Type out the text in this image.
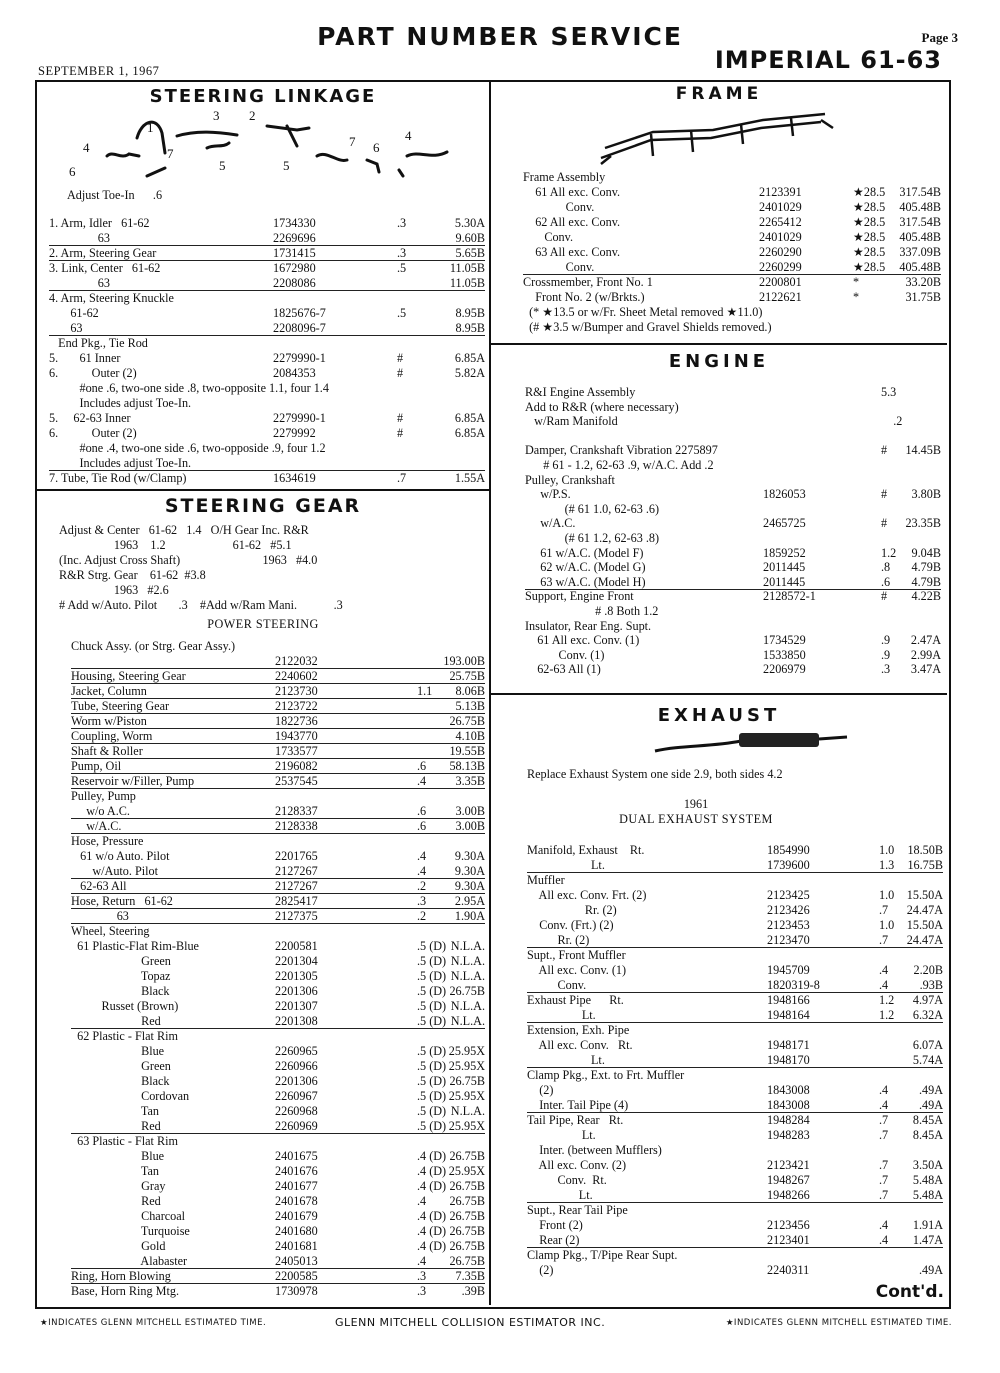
PART NUMBER SERVICE
SEPTEMBER 1, 1967
Page 3
IMPERIAL 61-63
STEERING LINKAGE
1
2
3
4
5
6
7
5
7 6
4
Adjust Toe-In      .6
1. Arm, Idler   61-62	1734330	.3	5.30A
63	2269696	9.60B
2. Arm, Steering Gear	1731415	.3	5.65B
3. Link, Center   61-62	1672980	.5	11.05B
63	2208086	11.05B
4. Arm, Steering Knuckle
61-62	1825676-7	.5	8.95B
63	2208096-7	8.95B
End Pkg., Tie Rod
5.       61 Inner	2279990-1	#	6.85A
6.           Outer (2)	2084353	#	5.82A
#one .6, two-one side .8, two-opposite 1.1, four 1.4
Includes adjust Toe-In.
5.     62-63 Inner	2279990-1	#	6.85A
6.           Outer (2)	2279992	#	6.85A
#one .4, two-one side .6, two-opposide .9, four 1.2
Includes adjust Toe-In.
7. Tube, Tie Rod (w/Clamp)	1634619	.7	1.55A
STEERING GEAR
Adjust & Center   61-62   1.4   O/H Gear Inc. R&R
1963    1.2                      61-62   #5.1
(Inc. Adjust Cross Shaft)                           1963   #4.0
R&R Strg. Gear    61-62  #3.8
1963   #2.6
# Add w/Auto. Pilot       .3    #Add w/Ram Mani.            .3
POWER STEERING
Chuck Assy. (or Strg. Gear Assy.)
2122032	193.00B
Housing, Steering Gear	2240602	25.75B
Jacket, Column	2123730	1.1 8.06B
Tube, Steering Gear	2123722	5.13B
Worm w/Piston	1822736	26.75B
Coupling, Worm	1943770	4.10B
Shaft & Roller	1733577	19.55B
Pump, Oil	2196082	.6 58.13B
Reservoir w/Filler, Pump	2537545	.4 3.35B
Pulley, Pump
w/o A.C.	2128337	.6 3.00B
w/A.C.	2128338	.6 3.00B
Hose, Pressure
61 w/o Auto. Pilot	2201765	.4 9.30A
w/Auto. Pilot	2127267	.4 9.30A
62-63 All	2127267	.2 9.30A
Hose, Return   61-62	2825417	.3 2.95A
63	2127375	.2 1.90A
Wheel, Steering
61 Plastic-Flat Rim-Blue	2200581	.5 (D) N.L.A.
Green	2201304	.5 (D) N.L.A.
Topaz	2201305	.5 (D) N.L.A.
Black	2201306	.5 (D) 26.75B
Russet (Brown)	2201307	.5 (D) N.L.A.
Red	2201308	.5 (D) N.L.A.
62 Plastic - Flat Rim
Blue	2260965	.5 (D) 25.95X
Green	2260966	.5 (D) 25.95X
Black	2201306	.5 (D) 26.75B
Cordovan	2260967	.5 (D) 25.95X
Tan	2260968	.5 (D) N.L.A.
Red	2260969	.5 (D) 25.95X
63 Plastic - Flat Rim
Blue	2401675	.4 (D) 26.75B
Tan	2401676	.4 (D) 25.95X
Gray	2401677	.4 (D) 26.75B
Red	2401678	.4 26.75B
Charcoal	2401679	.4 (D) 26.75B
Turquoise	2401680	.4 (D) 26.75B
Gold	2401681	.4 (D) 26.75B
Alabaster	2405013	.4 26.75B
Ring, Horn Blowing	2200585	.3 7.35B
Base, Horn Ring Mtg.	1730978	.3	.39B
FRAME
Frame Assembly
61 All exc. Conv.	2123391	★28.5 317.54B
Conv.	2401029	★28.5 405.48B
62 All exc. Conv.	2265412	★28.5 317.54B
Conv.	2401029	★28.5 405.48B
63 All exc. Conv.	2260290	★28.5 337.09B
Conv.	2260299	★28.5 405.48B
Crossmember, Front No. 1	2200801	*	33.20B
Front No. 2 (w/Brkts.)	2122621	*	31.75B
(* ★13.5 or w/Fr. Sheet Metal removed ★11.0)
(# ★3.5 w/Bumper and Gravel Shields removed.)
ENGINE
R&I Engine Assembly	5.3
Add to R&R (where necessary)
w/Ram Manifold	.2
Damper, Crankshaft Vibration 2275897	# 14.45B
# 61 - 1.2, 62-63 .9, w/A.C. Add .2
Pulley, Crankshaft
w/P.S.	1826053	# 3.80B
(# 61 1.0, 62-63 .6)
w/A.C.	2465725	# 23.35B
(# 61 1.2, 62-63 .8)
61 w/A.C. (Model F)	1859252	1.2 9.04B
62 w/A.C. (Model G)	2011445	.8 4.79B
63 w/A.C. (Model H)	2011445	.6 4.79B
Support, Engine Front	2128572-1	# 4.22B
# .8 Both 1.2
Insulator, Rear Eng. Supt.
61 All exc. Conv. (1)	1734529	.9 2.47A
Conv. (1)	1533850	.9 2.99A
62-63 All (1)	2206979	.3 3.47A
EXHAUST
Replace Exhaust System one side 2.9, both sides 4.2
1961
DUAL EXHAUST SYSTEM
Manifold, Exhaust    Rt.	1854990	1.0 18.50B
Lt.	1739600	1.3 16.75B
Muffler
All exc. Conv. Frt. (2)	2123425	1.0 15.50A
Rr. (2)	2123426	.7 24.47A
Conv. (Frt.) (2)	2123453	1.0 15.50A
Rr. (2)	2123470	.7 24.47A
Supt., Front Muffler
All exc. Conv. (1)	1945709	.4 2.20B
Conv.	1820319-8	.4	.93B
Exhaust Pipe      Rt.	1948166	1.2 4.97A
Lt.	1948164	1.2 6.32A
Extension, Exh. Pipe
All exc. Conv.   Rt.	1948171	6.07A
Lt.	1948170	5.74A
Clamp Pkg., Ext. to Frt. Muffler
(2)	1843008	.4	.49A
Inter. Tail Pipe (4)	1843008	.4	.49A
Tail Pipe, Rear   Rt.	1948284	.7 8.45A
Lt.	1948283	.7 8.45A
Inter. (between Mufflers)
All exc. Conv. (2)	2123421	.7 3.50A
Conv.  Rt.	1948267	.7 5.48A
Lt.	1948266	.7 5.48A
Supt., Rear Tail Pipe
Front (2)	2123456	.4 1.91A
Rear (2)	2123401	.4 1.47A
Clamp Pkg., T/Pipe Rear Supt.
(2)	2240311	.49A
Cont'd.
★INDICATES GLENN MITCHELL ESTIMATED TIME.	GLENN MITCHELL COLLISION ESTIMATOR INC.	★INDICATES GLENN MITCHELL ESTIMATED TIME.
